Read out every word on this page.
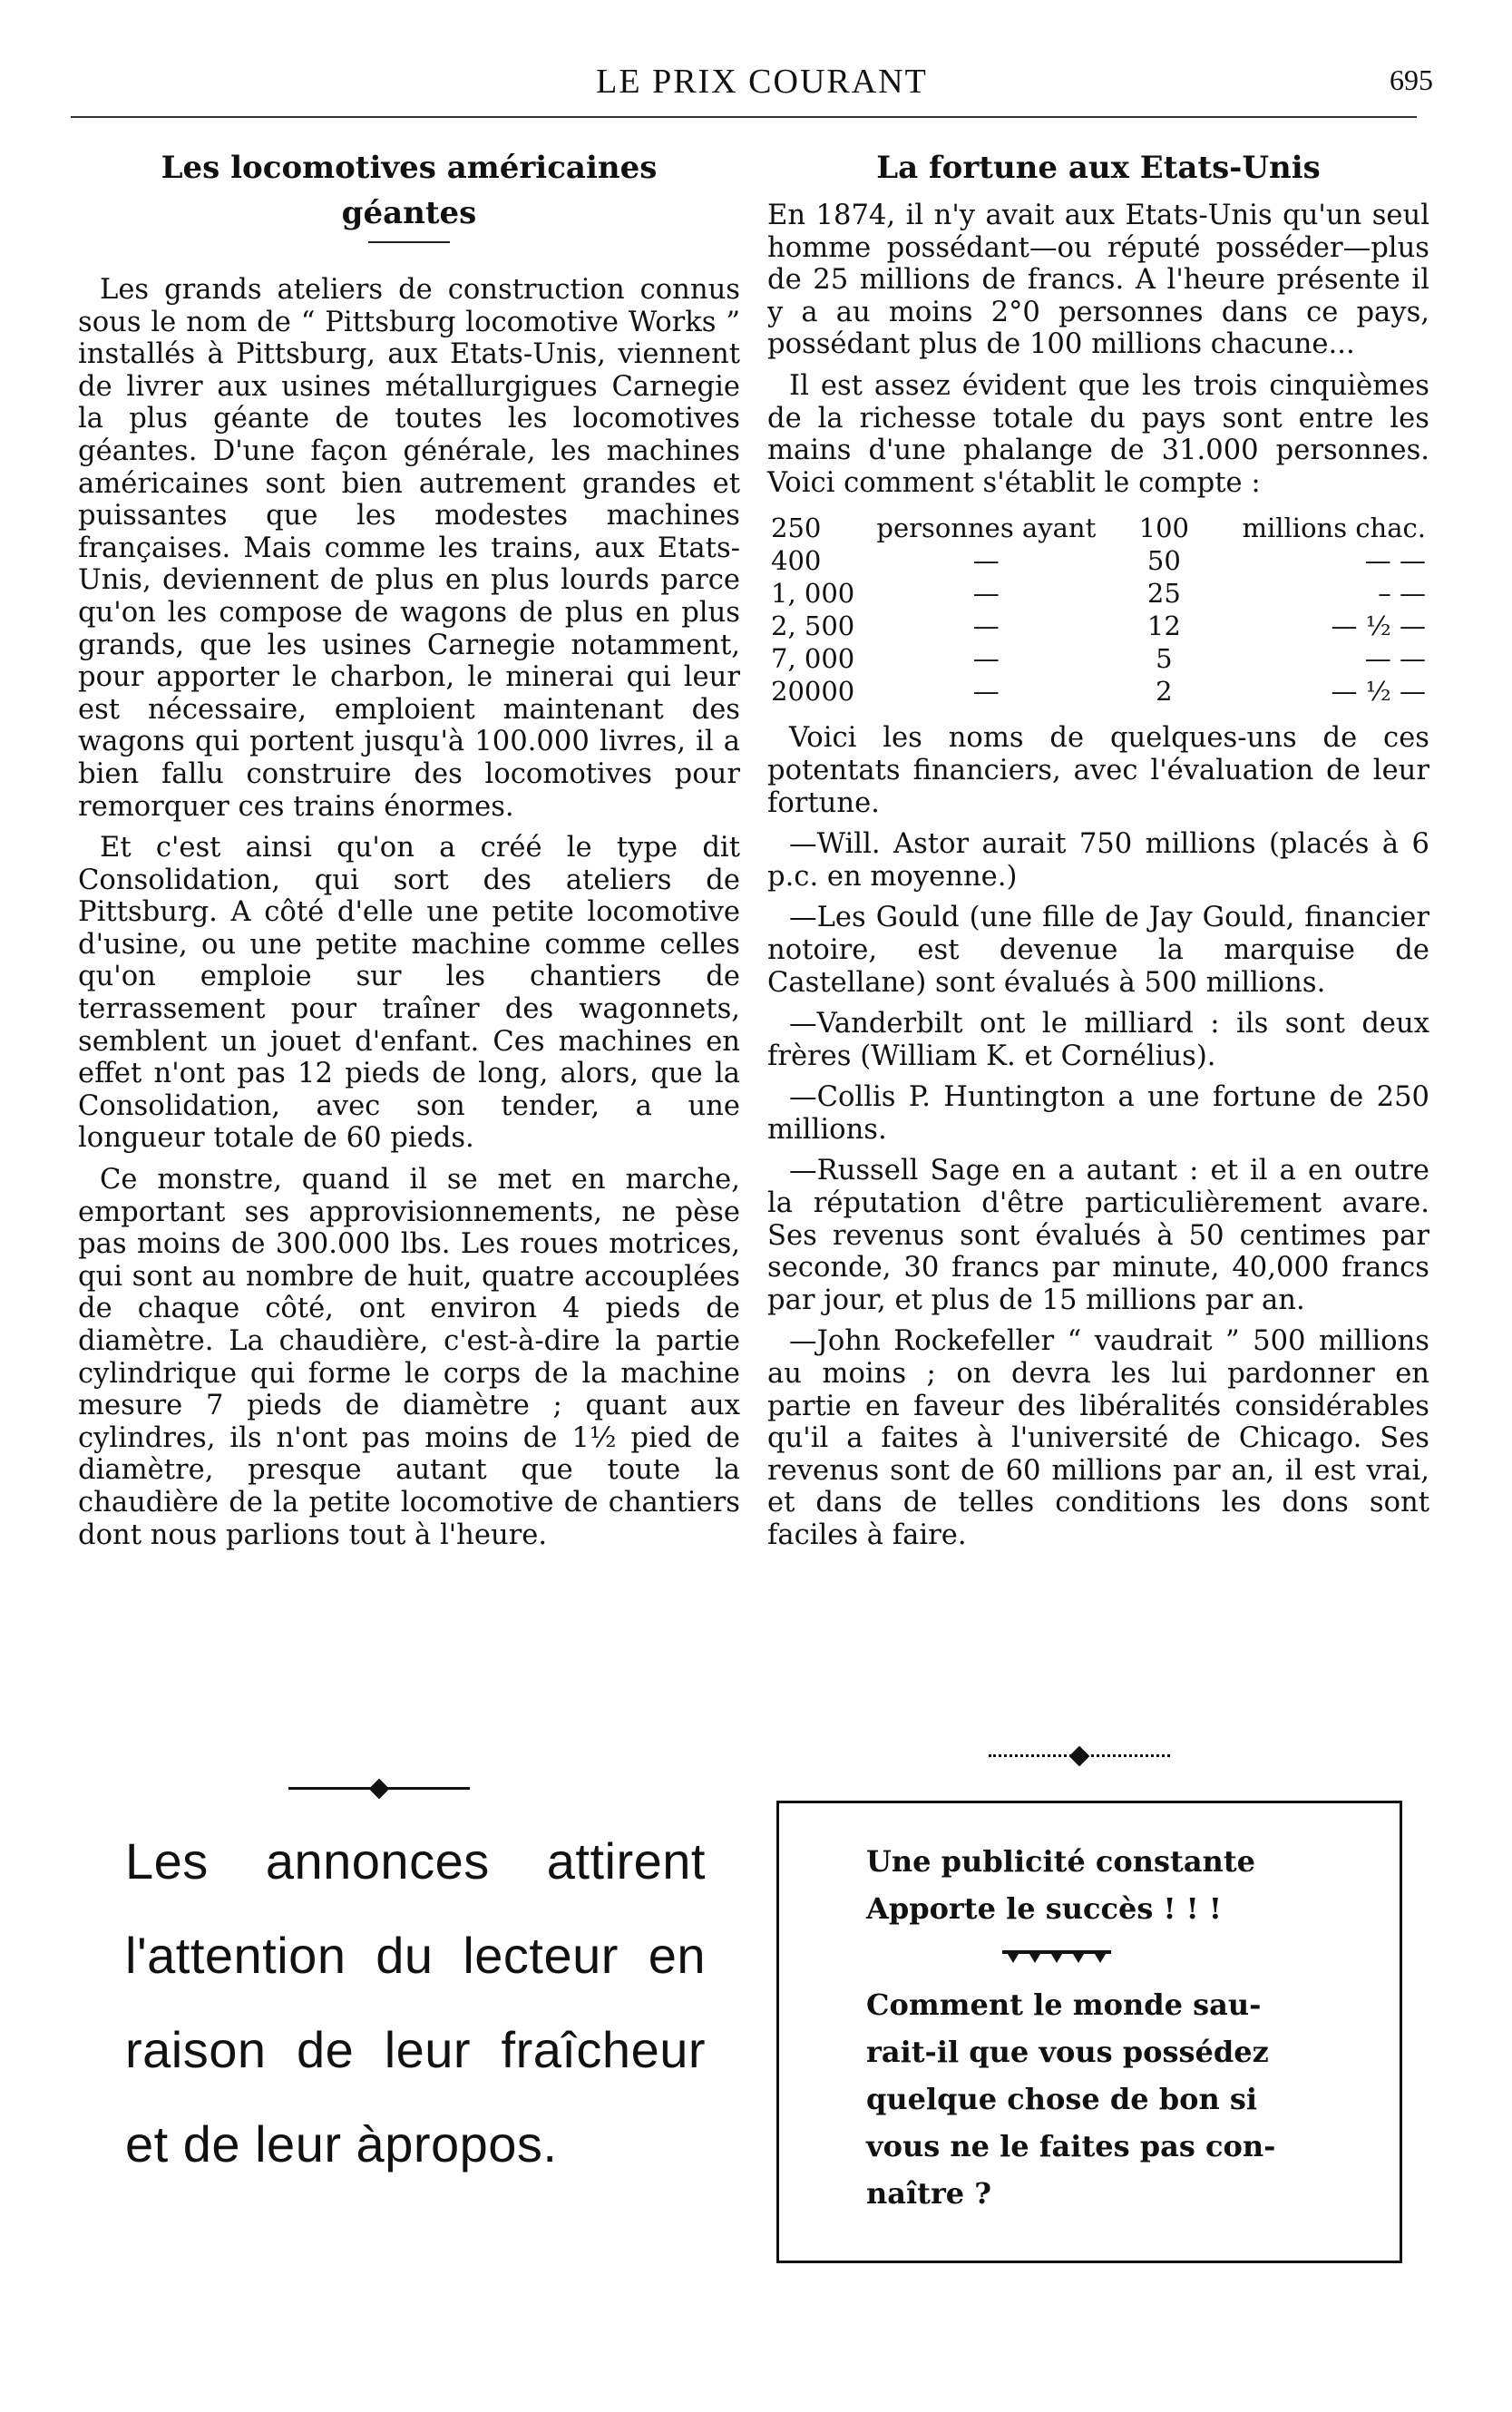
LE PRIX COURANT	695
Les locomotives américaines
géantes

Les grands ateliers de construction connus sous le nom de “ Pittsburg locomotive Works ” installés à Pittsburg, aux Etats-Unis, viennent de livrer aux usines métallurgigues Carnegie la plus géante de toutes les locomotives géantes. D'une façon générale, les machines américaines sont bien autrement grandes et puissantes que les modestes machines françaises. Mais comme les trains, aux Etats-Unis, deviennent de plus en plus lourds parce qu'on les compose de wagons de plus en plus grands, que les usines Carnegie notamment, pour apporter le charbon, le minerai qui leur est nécessaire, emploient maintenant des wagons qui portent jusqu'à 100.000 livres, il a bien fallu construire des locomotives pour remorquer ces trains énormes.

Et c'est ainsi qu'on a créé le type dit Consolidation, qui sort des ateliers de Pittsburg. A côté d'elle une petite locomotive d'usine, ou une petite machine comme celles qu'on emploie sur les chantiers de terrassement pour traîner des wagonnets, semblent un jouet d'enfant. Ces machines en effet n'ont pas 12 pieds de long, alors, que la Consolidation, avec son tender, a une longueur totale de 60 pieds.

Ce monstre, quand il se met en marche, emportant ses approvisionnements, ne pèse pas moins de 300.000 lbs. Les roues motrices, qui sont au nombre de huit, quatre accouplées de chaque côté, ont environ 4 pieds de diamètre. La chaudière, c'est-à-dire la partie cylindrique qui forme le corps de la machine mesure 7 pieds de diamètre ; quant aux cylindres, ils n'ont pas moins de 1½ pied de diamètre, presque autant que toute la chaudière de la petite locomotive de chantiers dont nous parlions tout à l'heure.

La fortune aux Etats-Unis

En 1874, il n'y avait aux Etats-Unis qu'un seul homme possédant—ou réputé posséder—plus de 25 millions de francs. A l'heure présente il y a au moins 2°0 personnes dans ce pays, possédant plus de 100 millions chacune...

Il est assez évident que les trois cinquièmes de la richesse totale du pays sont entre les mains d'une phalange de 31.000 personnes. Voici comment s'établit le compte :

250	personnes ayant	100	millions chac.
400	—	50	— —
1, 000	—	25	– —
2, 500	—	12	— ½ —
7, 000	—	5	— —
20000	—	2	— ½ —

Voici les noms de quelques-uns de ces potentats financiers, avec l'évaluation de leur fortune.

—Will. Astor aurait 750 millions (placés à 6 p.c. en moyenne.)

—Les Gould (une fille de Jay Gould, financier notoire, est devenue la marquise de Castellane) sont évalués à 500 millions.

—Vanderbilt ont le milliard : ils sont deux frères (William K. et Cornélius).

—Collis P. Huntington a une fortune de 250 millions.

—Russell Sage en a autant : et il a en outre la réputation d'être particulièrement avare. Ses revenus sont évalués à 50 centimes par seconde, 30 francs par minute, 40,000 francs par jour, et plus de 15 millions par an.

—John Rockefeller “ vaudrait ” 500 millions au moins ; on devra les lui pardonner en partie en faveur des libéralités considérables qu'il a faites à l'université de Chicago. Ses revenus sont de 60 millions par an, il est vrai, et dans de telles conditions les dons sont faciles à faire.

Les annonces attirent l'attention du lecteur en raison de leur fraîcheur et de leur àpropos.
Une publicité constante
Apporte le succès ! ! !
Comment le monde sau-
rait-il que vous possédez
quelque chose de bon si
vous ne le faites pas con-
naître ?
